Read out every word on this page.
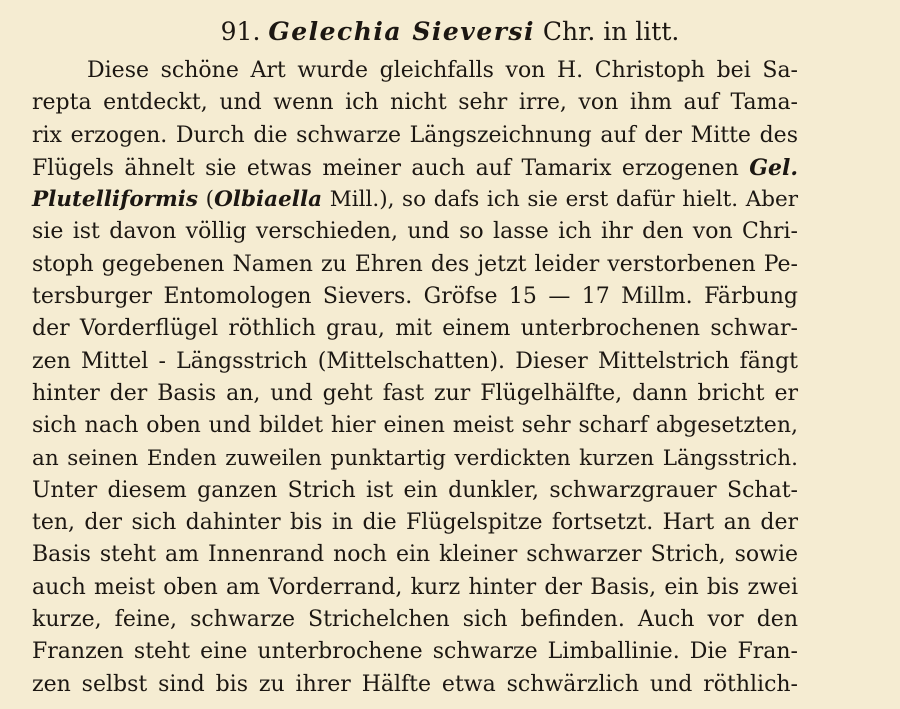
91. Gelechia Sieversi Chr. in litt.
Diese schöne Art wurde gleichfalls von H. Christoph bei Sa-
repta entdeckt, und wenn ich nicht sehr irre, von ihm auf Tama-
rix erzogen. Durch die schwarze Längszeichnung auf der Mitte des
Flügels ähnelt sie etwas meiner auch auf Tamarix erzogenen Gel.
Plutelliformis (Olbiaella Mill.), so dafs ich sie erst dafür hielt. Aber
sie ist davon völlig verschieden, und so lasse ich ihr den von Chri-
stoph gegebenen Namen zu Ehren des jetzt leider verstorbenen Pe-
tersburger Entomologen Sievers. Gröfse 15 — 17 Millm. Färbung
der Vorderflügel röthlich grau, mit einem unterbrochenen schwar-
zen Mittel - Längsstrich (Mittelschatten). Dieser Mittelstrich fängt
hinter der Basis an, und geht fast zur Flügelhälfte, dann bricht er
sich nach oben und bildet hier einen meist sehr scharf abgesetzten,
an seinen Enden zuweilen punktartig verdickten kurzen Längsstrich.
Unter diesem ganzen Strich ist ein dunkler, schwarzgrauer Schat-
ten, der sich dahinter bis in die Flügelspitze fortsetzt. Hart an der
Basis steht am Innenrand noch ein kleiner schwarzer Strich, sowie
auch meist oben am Vorderrand, kurz hinter der Basis, ein bis zwei
kurze, feine, schwarze Strichelchen sich befinden. Auch vor den
Franzen steht eine unterbrochene schwarze Limballinie. Die Fran-
zen selbst sind bis zu ihrer Hälfte etwa schwärzlich und röthlich-
